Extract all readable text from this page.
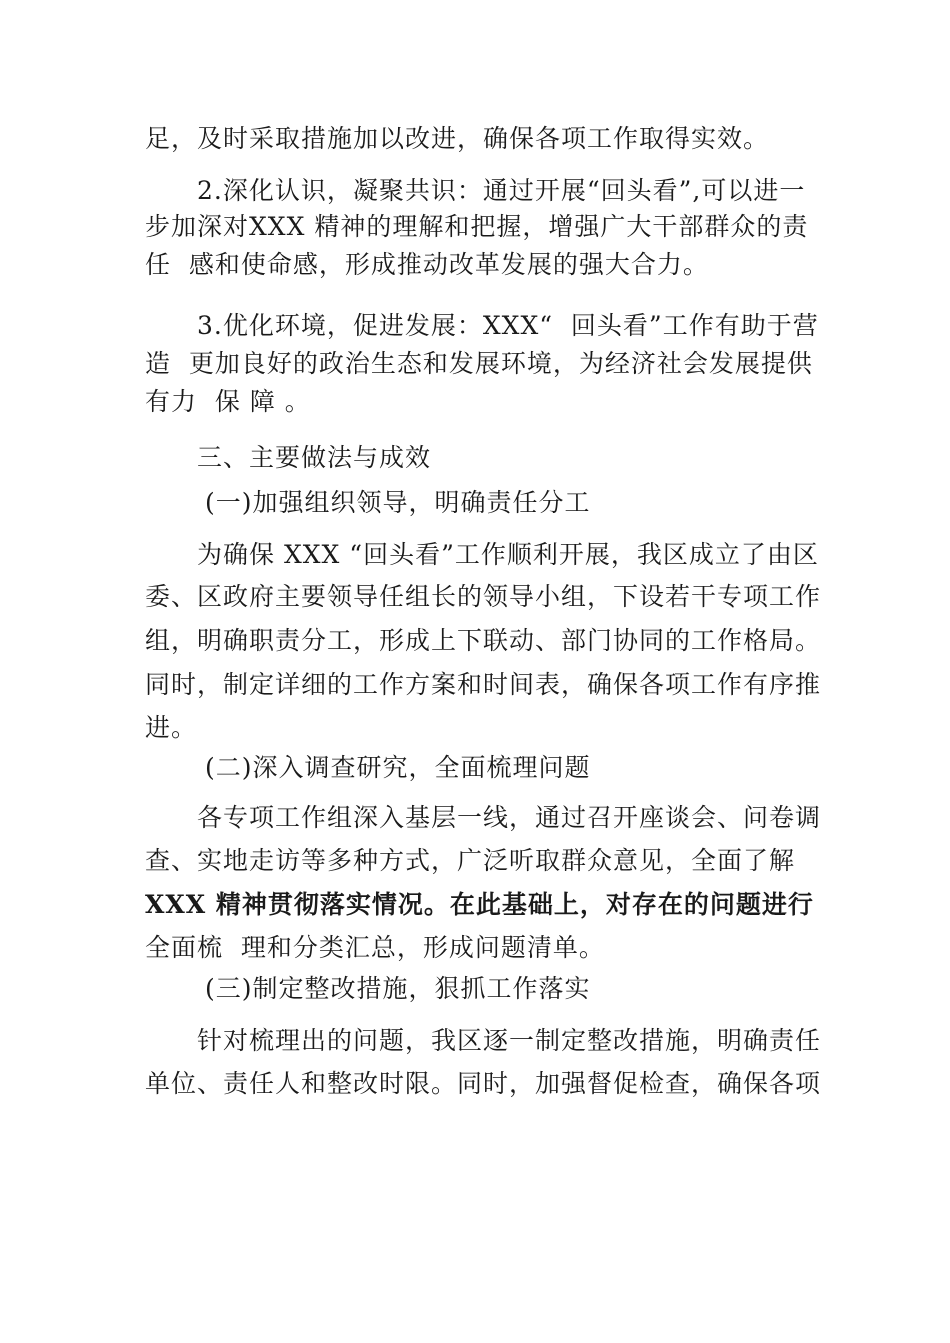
足，及时采取措施加以改进，确保各项工作取得实效。
2.深化认识，凝聚共识：通过开展“回头看”,可以进一
步加深对XXX 精神的理解和把握，增强广大干部群众的责
任  感和使命感，形成推动改革发展的强大合力。
3.优化环境，促进发展：XXX“  回头看”工作有助于营
造  更加良好的政治生态和发展环境，为经济社会发展提供
有力  保 障 。
三、主要做法与成效
(一)加强组织领导，明确责任分工
为确保 XXX “回头看”工作顺利开展，我区成立了由区
委、区政府主要领导任组长的领导小组，下设若干专项工作
组，明确职责分工，形成上下联动、部门协同的工作格局。
同时，制定详细的工作方案和时间表，确保各项工作有序推
进。
(二)深入调查研究，全面梳理问题
各专项工作组深入基层一线，通过召开座谈会、问卷调
查、实地走访等多种方式，广泛听取群众意见，全面了解
XXX 精神贯彻落实情况。在此基础上，对存在的问题进行
全面梳  理和分类汇总，形成问题清单。
(三)制定整改措施，狠抓工作落实
针对梳理出的问题，我区逐一制定整改措施，明确责任
单位、责任人和整改时限。同时，加强督促检查，确保各项
